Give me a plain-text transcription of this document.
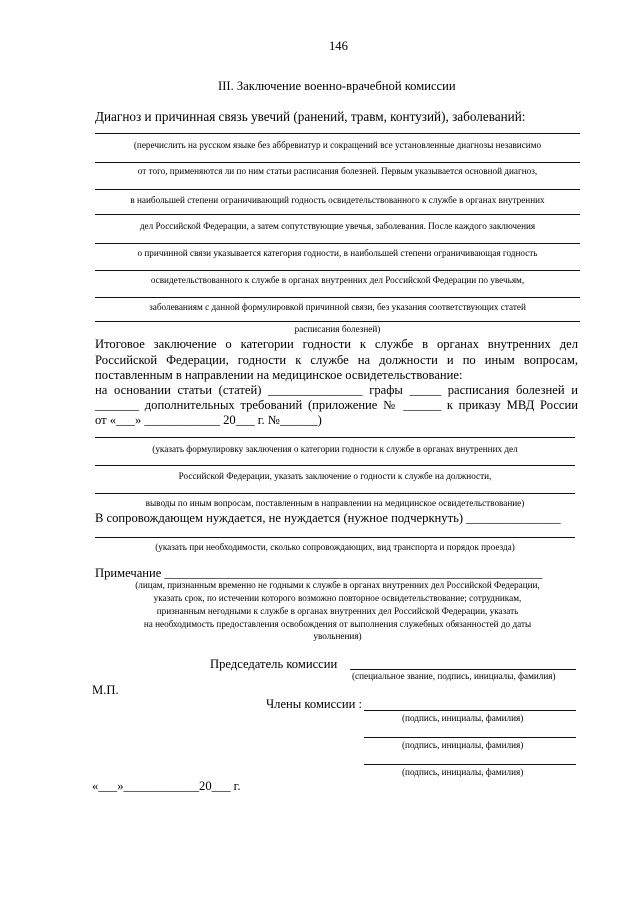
146
III. Заключение военно-врачебной комиссии
Диагноз и причинная связь увечий (ранений, травм, контузий), заболеваний:
(перечислить на русском языке без аббревиатур и сокращений все установленные диагнозы независимо
от того, применяются ли по ним статьи расписания болезней. Первым указывается основной диагноз,
в наибольшей степени ограничивающий годность освидетельствованного к службе в органах внутренних
дел Российской Федерации, а затем сопутствующие увечья, заболевания. После каждого заключения
о причинной связи указывается категория годности, в наибольшей степени ограничивающая годность
освидетельствованного к службе в органах внутренних дел Российской Федерации по увечьям,
заболеваниям с данной формулировкой причинной связи, без указания соответствующих статей
расписания болезней)
Итоговое заключение о категории годности к службе в органах внутренних дел
Российской Федерации, годности к службе на должности и по иным вопросам,
поставленным в направлении на медицинское освидетельствование:
на основании статьи (статей) _______________ графы _____ расписания болезней и
_______ дополнительных требований (приложение № ______ к приказу МВД России
от «___» ____________ 20___ г. №______)
(указать формулировку заключения о категории годности к службе в органах внутренних дел
Российской Федерации, указать заключение о годности к службе на должности,
выводы по иным вопросам, поставленным в направлении на медицинское освидетельствование)
В сопровождающем нуждается, не нуждается (нужное подчеркнуть) _______________
(указать при необходимости, сколько сопровождающих, вид транспорта и порядок проезда)
Примечание ____________________________________________________________
(лицам, признанным временно не годными к службе в органах внутренних дел Российской Федерации,
указать срок, по истечении которого возможно повторное освидетельствование; сотрудникам,
признанным негодными к службе в органах внутренних дел Российской Федерации, указать
на необходимость предоставления освобождения от выполнения служебных обязанностей до даты
увольнения)
Председатель комиссии
(специальное звание, подпись, инициалы, фамилия)
М.П.
Члены комиссии :
(подпись, инициалы, фамилия)
(подпись, инициалы, фамилия)
(подпись, инициалы, фамилия)
«___»____________20___ г.
